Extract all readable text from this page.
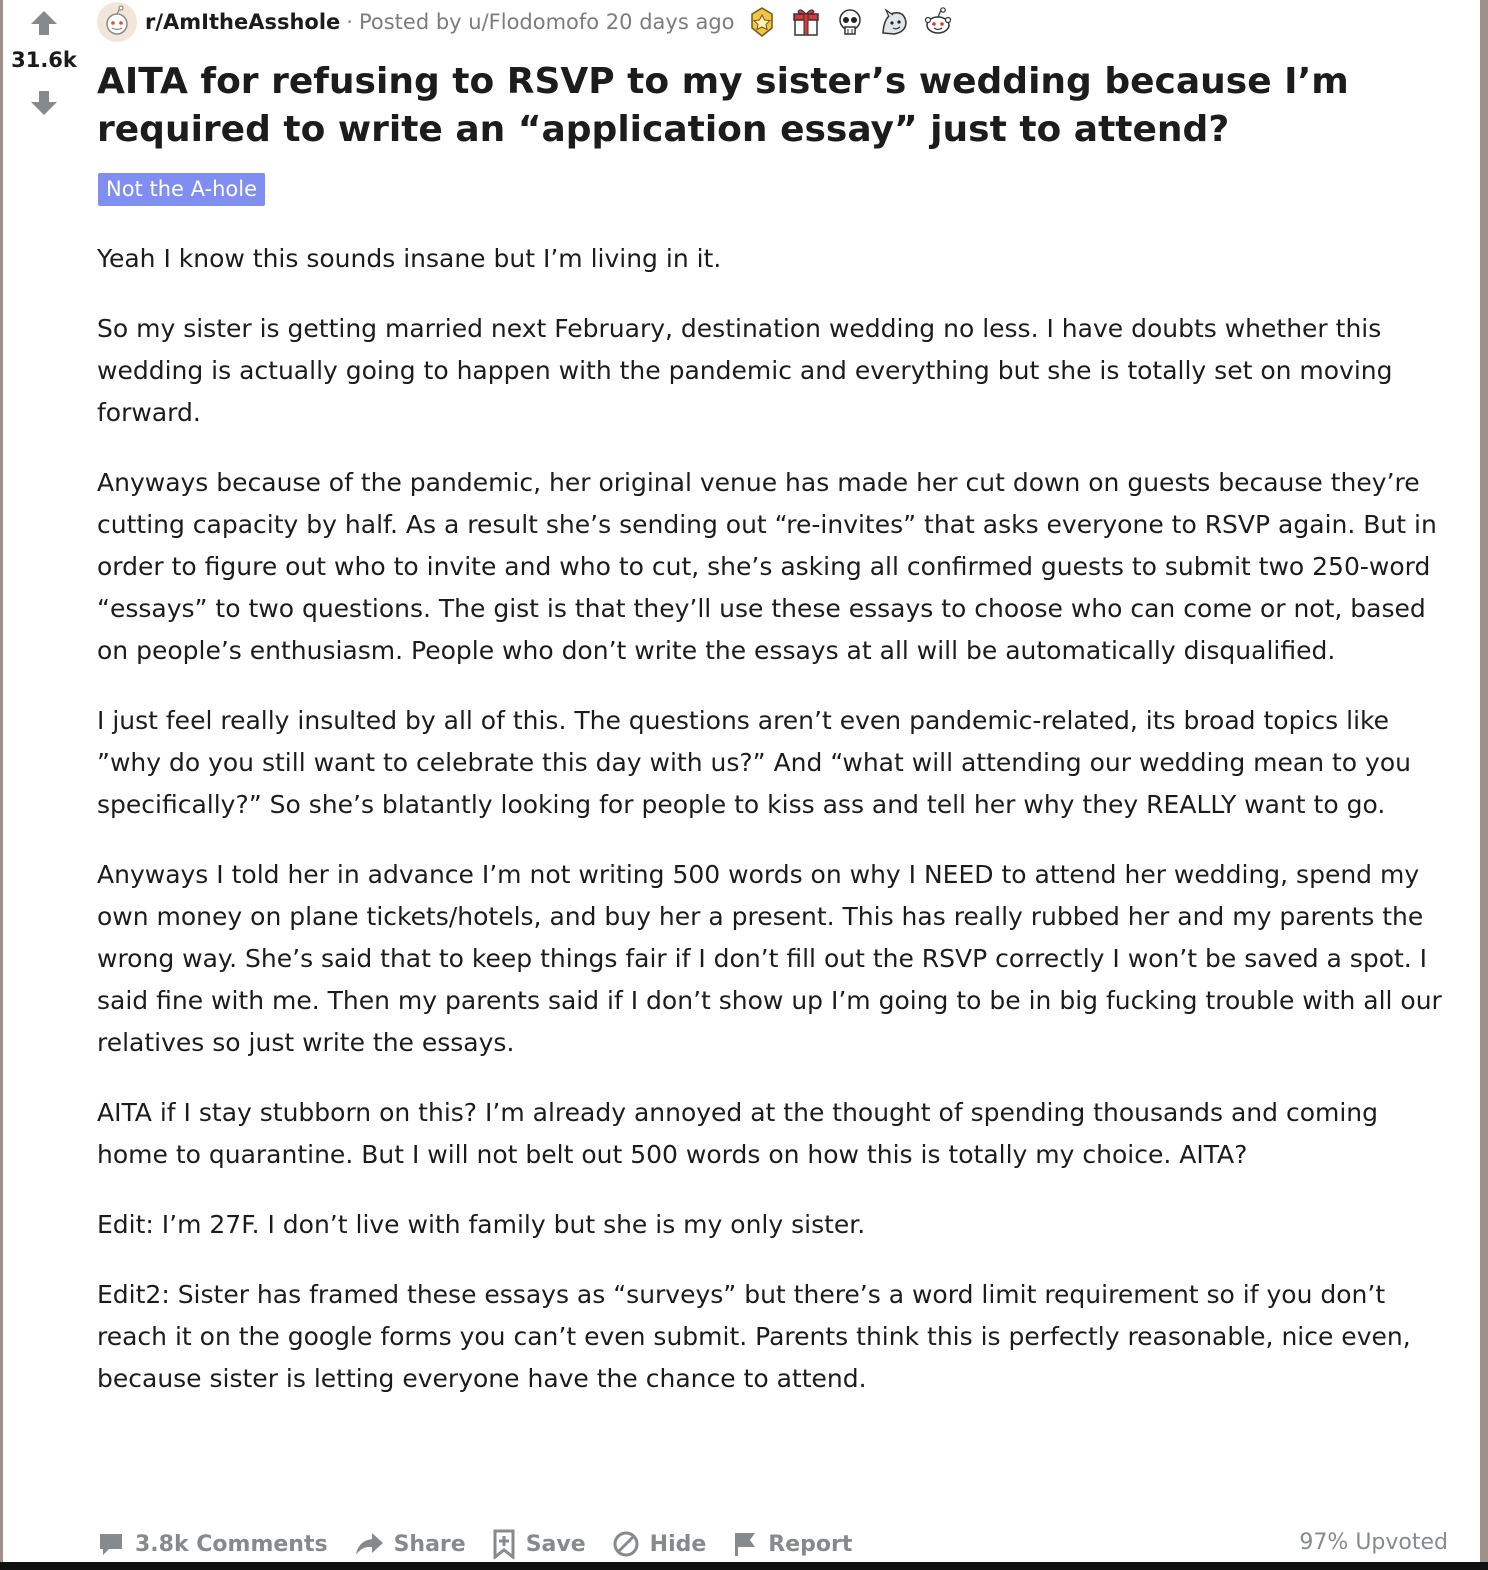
31.6k
r/AmItheAsshole · Posted by u/Flodomofo 20 days ago
AITA for refusing to RSVP to my sister’s wedding because I’m required to write an “application essay” just to attend?
Not the A-hole

Yeah I know this sounds insane but I’m living in it.

So my sister is getting married next February, destination wedding no less. I have doubts whether this wedding is actually going to happen with the pandemic and everything but she is totally set on moving forward.

Anyways because of the pandemic, her original venue has made her cut down on guests because they’re cutting capacity by half. As a result she’s sending out “re-invites” that asks everyone to RSVP again. But in order to figure out who to invite and who to cut, she’s asking all confirmed guests to submit two 250-word “essays” to two questions. The gist is that they’ll use these essays to choose who can come or not, based on people’s enthusiasm. People who don’t write the essays at all will be automatically disqualified.

I just feel really insulted by all of this. The questions aren’t even pandemic-related, its broad topics like ”why do you still want to celebrate this day with us?” And “what will attending our wedding mean to you specifically?” So she’s blatantly looking for people to kiss ass and tell her why they REALLY want to go.

Anyways I told her in advance I’m not writing 500 words on why I NEED to attend her wedding, spend my own money on plane tickets/hotels, and buy her a present. This has really rubbed her and my parents the wrong way. She’s said that to keep things fair if I don’t fill out the RSVP correctly I won’t be saved a spot. I said fine with me. Then my parents said if I don’t show up I’m going to be in big fucking trouble with all our relatives so just write the essays.

AITA if I stay stubborn on this? I’m already annoyed at the thought of spending thousands and coming home to quarantine. But I will not belt out 500 words on how this is totally my choice. AITA?

Edit: I’m 27F. I don’t live with family but she is my only sister.

Edit2: Sister has framed these essays as “surveys” but there’s a word limit requirement so if you don’t reach it on the google forms you can’t even submit. Parents think this is perfectly reasonable, nice even, because sister is letting everyone have the chance to attend.

3.8k Comments	Share	Save	Hide	Report	97% Upvoted
